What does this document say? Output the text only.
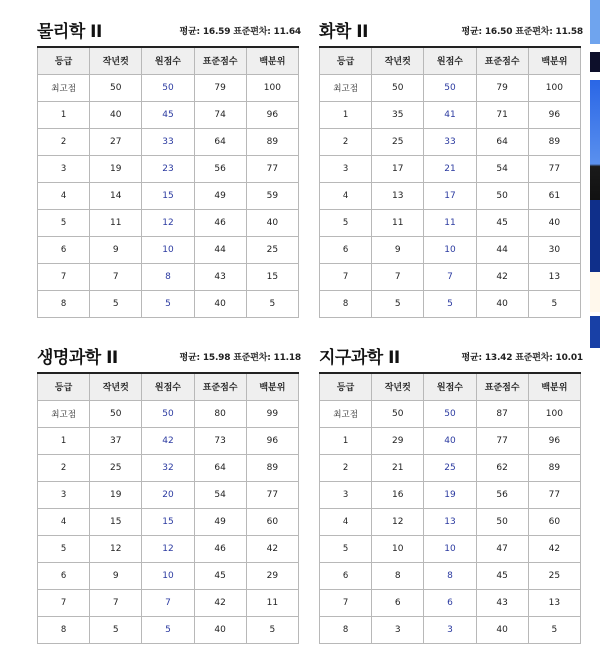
물리학 II	평균: 16.59 표준편차: 11.64
등급	작년컷	원점수	표준점수	백분위
최고점	50	50	79	100
1	40	45	74	96
2	27	33	64	89
3	19	23	56	77
4	14	15	49	59
5	11	12	46	40
6	9	10	44	25
7	7	8	43	15
8	5	5	40	5
화학 II	평균: 16.50 표준편차: 11.58
등급	작년컷	원점수	표준점수	백분위
최고점	50	50	79	100
1	35	41	71	96
2	25	33	64	89
3	17	21	54	77
4	13	17	50	61
5	11	11	45	40
6	9	10	44	30
7	7	7	42	13
8	5	5	40	5
생명과학 II	평균: 15.98 표준편차: 11.18
등급	작년컷	원점수	표준점수	백분위
최고점	50	50	80	99
1	37	42	73	96
2	25	32	64	89
3	19	20	54	77
4	15	15	49	60
5	12	12	46	42
6	9	10	45	29
7	7	7	42	11
8	5	5	40	5
지구과학 II	평균: 13.42 표준편차: 10.01
등급	작년컷	원점수	표준점수	백분위
최고점	50	50	87	100
1	29	40	77	96
2	21	25	62	89
3	16	19	56	77
4	12	13	50	60
5	10	10	47	42
6	8	8	45	25
7	6	6	43	13
8	3	3	40	5
